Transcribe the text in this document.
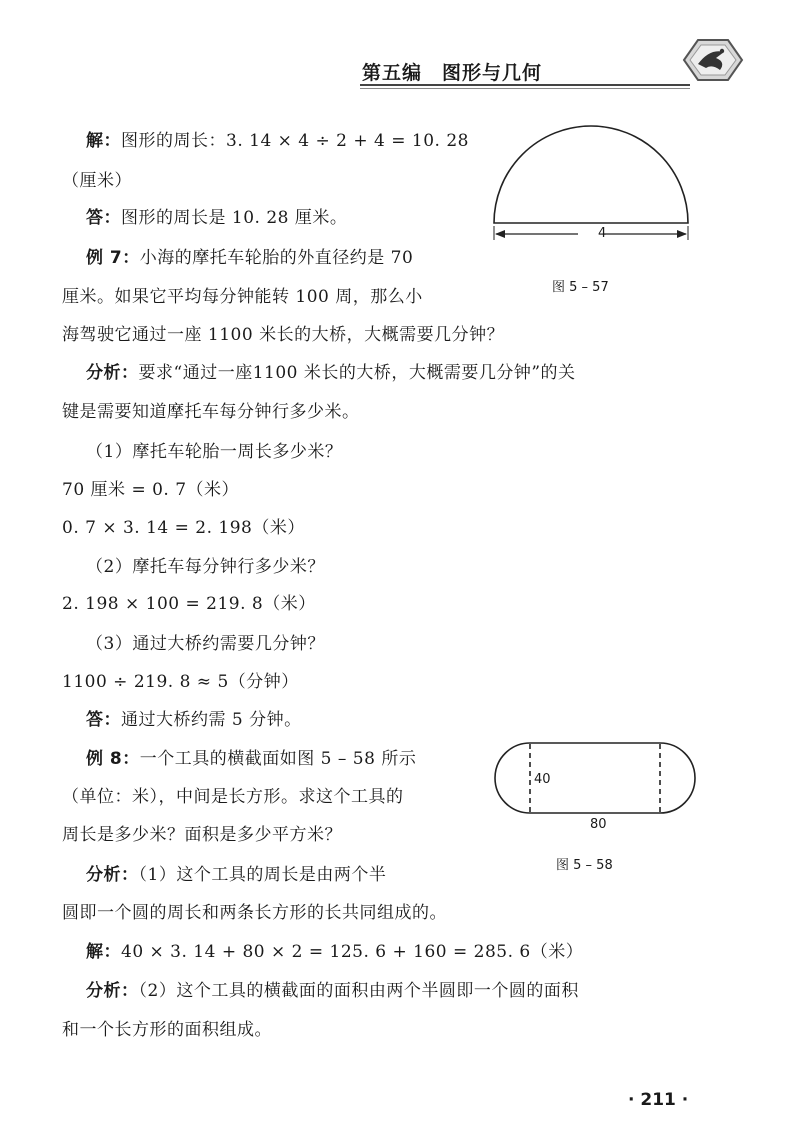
第五编　图形与几何
解：图形的周长：3. 14 × 4 ÷ 2 + 4 = 10. 28
（厘米）
答：图形的周长是 10. 28 厘米。
例 7：小海的摩托车轮胎的外直径约是 70
厘米。如果它平均每分钟能转 100 周，那么小
海驾驶它通过一座 1100 米长的大桥，大概需要几分钟？
分析：要求“通过一座1100 米长的大桥，大概需要几分钟”的关
键是需要知道摩托车每分钟行多少米。
（1）摩托车轮胎一周长多少米？
70 厘米 = 0. 7（米）
0. 7 × 3. 14 = 2. 198（米）
（2）摩托车每分钟行多少米？
2. 198 × 100 = 219. 8（米）
（3）通过大桥约需要几分钟？
1100 ÷ 219. 8 ≈ 5（分钟）
答：通过大桥约需 5 分钟。
例 8：一个工具的横截面如图 5 – 58 所示
（单位：米），中间是长方形。求这个工具的
周长是多少米？面积是多少平方米？
分析：（1）这个工具的周长是由两个半
圆即一个圆的周长和两条长方形的长共同组成的。
解：40 × 3. 14 + 80 × 2 = 125. 6 + 160 = 285. 6（米）
分析：（2）这个工具的横截面的面积由两个半圆即一个圆的面积
和一个长方形的面积组成。
4
图 5 – 57
40
80
图 5 – 58
· 211 ·
